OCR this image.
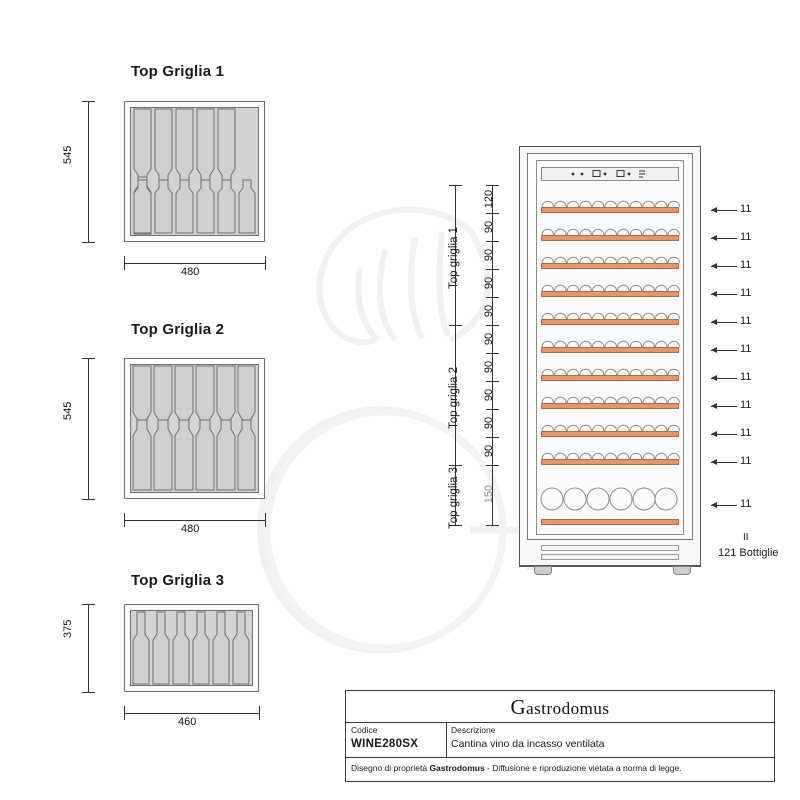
Top Griglia 1
545
480
Top Griglia 2
545
480
Top Griglia 3
375
460
120
90
90
90
90
90
90
90
90
90
150
Top griglia 1
Top griglia 2
Top griglia 3
11
11
11
11
11
11
11
11
11
11
11
121 Bottiglie
II
Gastrodomus
Codice
WINE280SX
Descrizione
Cantina vino da incasso ventilata
Disegno di proprietà Gastrodomus - Diffusione e riproduzione vietata a norma di legge.
